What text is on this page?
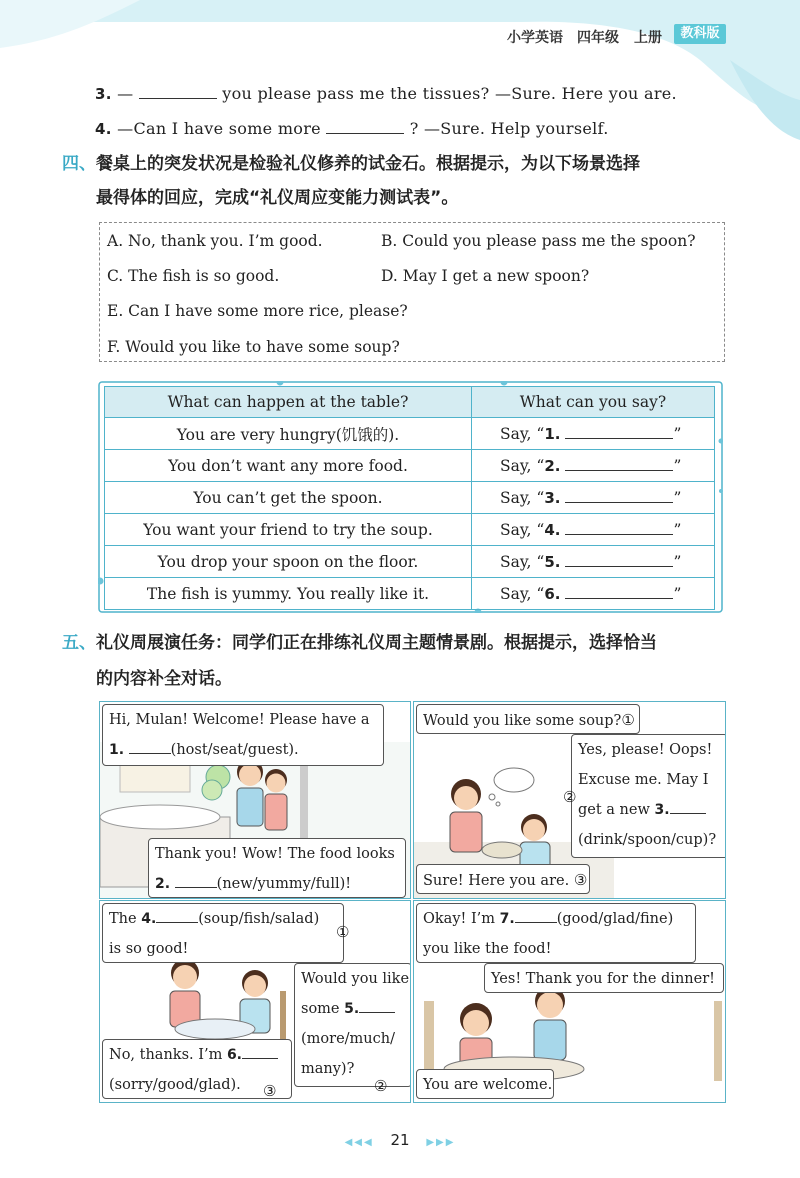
小学英语 四年级 上册	教科版
3. —	you please pass me the tissues? —Sure. Here you are.
4. —Can I have some more	? —Sure. Help yourself.
四、餐桌上的突发状况是检验礼仪修养的试金石。根据提示，为以下场景选择
最得体的回应，完成“礼仪周应变能力测试表”。
A. No, thank you. I’m good.	B. Could you please pass me the spoon?
C. The fish is so good.	D. May I get a new spoon?
E. Can I have some more rice, please?
F. Would you like to have some soup?
What can happen at the table?	What can you say?
You are very hungry(饥饿的).	Say, “1. ”
You don’t want any more food.	Say, “2. ”
You can’t get the spoon.	Say, “3. ”
You want your friend to try the soup.	Say, “4. ”
You drop your spoon on the floor.	Say, “5. ”
The fish is yummy. You really like it.	Say, “6. ”
五、礼仪周展演任务：同学们正在排练礼仪周主题情景剧。根据提示，选择恰当
的内容补全对话。
Hi, Mulan! Welcome! Please have a
1.	(host/seat/guest).
Thank you! Wow! The food looks
2.	(new/yummy/full)!
Would you like some soup?①
Yes, please! Oops!
Excuse me. May I
get a new 3.
(drink/spoon/cup)?
②
Sure! Here you are. ③
The 4.	(soup/fish/salad)
is so good!
①
Would you like
some 5.
(more/much/
many)?
②
No, thanks. I’m 6.
(sorry/good/glad).	③
Okay! I’m 7.	(good/glad/fine)
you like the food!
Yes! Thank you for the dinner!
You are welcome.
◀◀◀ 21 ▶▶▶
